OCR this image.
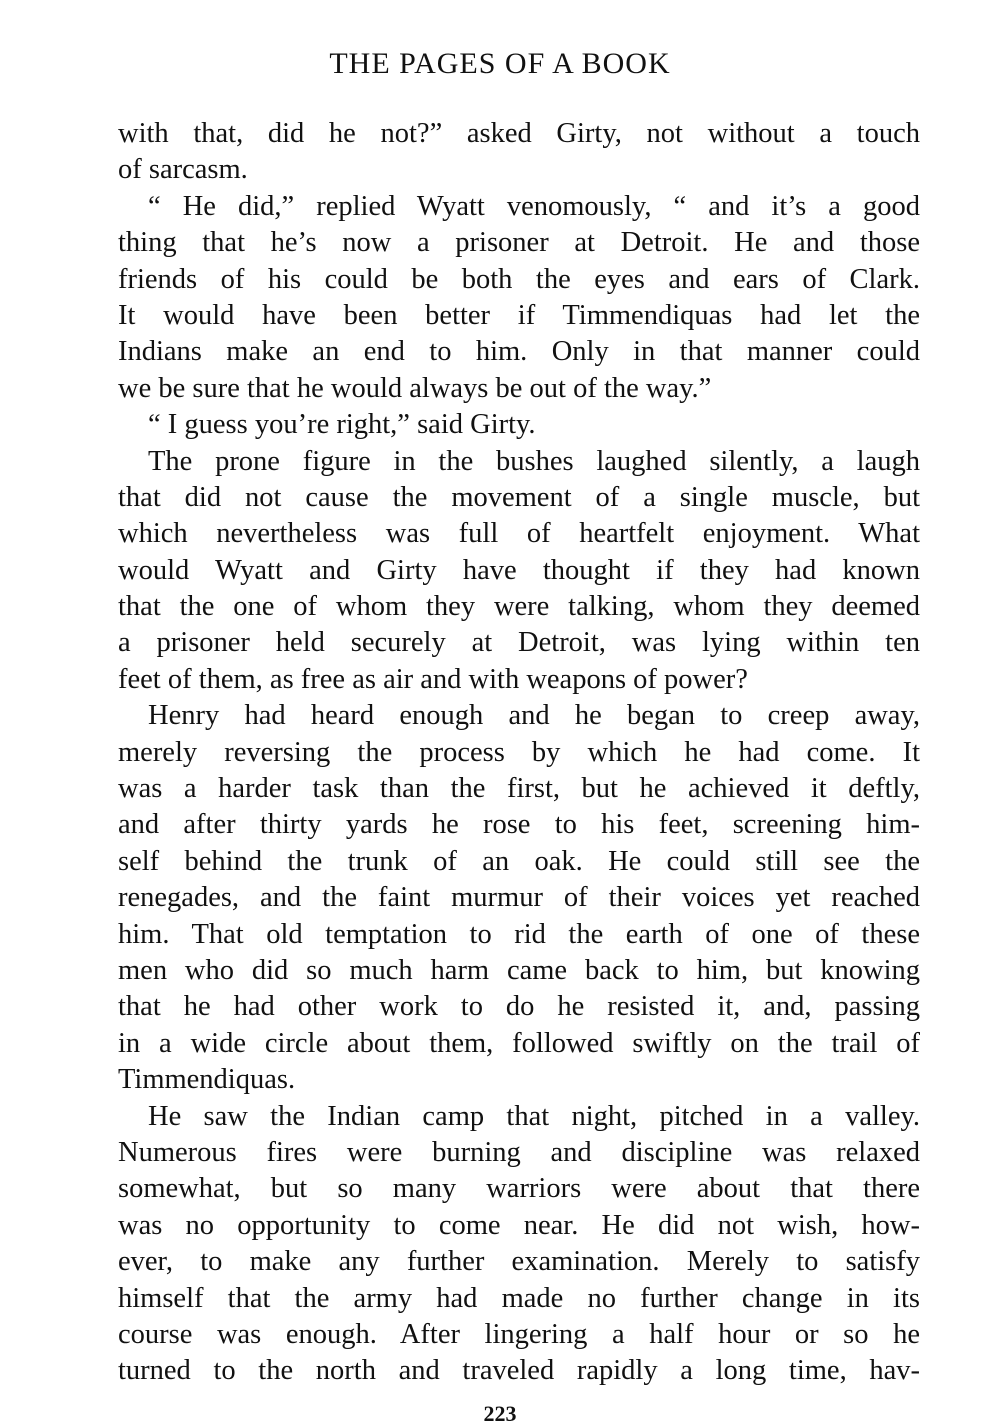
THE PAGES OF A BOOK
with that, did he not?” asked Girty, not without a touch
of sarcasm.
“ He did,” replied Wyatt venomously, “ and it’s a good
thing that he’s now a prisoner at Detroit. He and those
friends of his could be both the eyes and ears of Clark.
It would have been better if Timmendiquas had let the
Indians make an end to him. Only in that manner could
we be sure that he would always be out of the way.”
“ I guess you’re right,” said Girty.
The prone figure in the bushes laughed silently, a laugh
that did not cause the movement of a single muscle, but
which nevertheless was full of heartfelt enjoyment. What
would Wyatt and Girty have thought if they had known
that the one of whom they were talking, whom they deemed
a prisoner held securely at Detroit, was lying within ten
feet of them, as free as air and with weapons of power?
Henry had heard enough and he began to creep away,
merely reversing the process by which he had come. It
was a harder task than the first, but he achieved it deftly,
and after thirty yards he rose to his feet, screening him-
self behind the trunk of an oak. He could still see the
renegades, and the faint murmur of their voices yet reached
him. That old temptation to rid the earth of one of these
men who did so much harm came back to him, but knowing
that he had other work to do he resisted it, and, passing
in a wide circle about them, followed swiftly on the trail of
Timmendiquas.
He saw the Indian camp that night, pitched in a valley.
Numerous fires were burning and discipline was relaxed
somewhat, but so many warriors were about that there
was no opportunity to come near. He did not wish, how-
ever, to make any further examination. Merely to satisfy
himself that the army had made no further change in its
course was enough. After lingering a half hour or so he
turned to the north and traveled rapidly a long time, hav-
223
